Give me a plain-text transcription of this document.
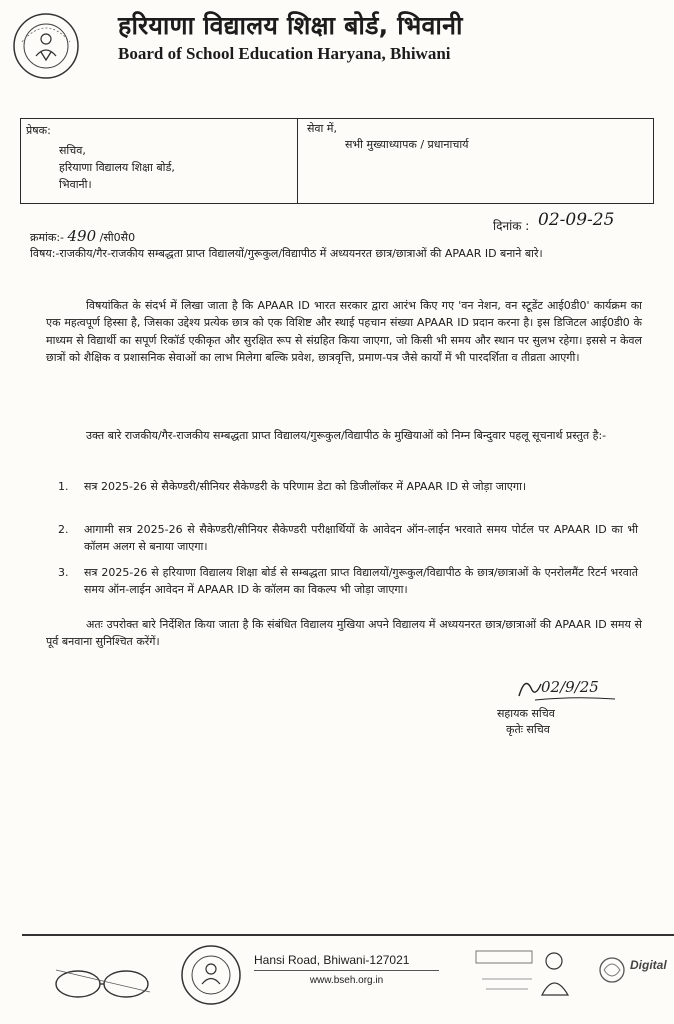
हरियाणा विद्यालय शिक्षा बोर्ड, भिवानी
Board of School Education Haryana, Bhiwani
प्रेषक:
सचिव,
हरियाणा विद्यालय शिक्षा बोर्ड,
भिवानी।
सेवा में,
सभी मुख्याध्यापक / प्रधानाचार्य
क्रमांक:- 490 /सी0सै0
दिनांक : 02-09-25
विषय:-राजकीय/गैर-राजकीय सम्बद्धता प्राप्त विद्यालयों/गुरूकुल/विद्यापीठ में अध्ययनरत छात्र/छात्राओं की APAAR ID बनाने बारे।
विषयांकित के संदर्भ में लिखा जाता है कि APAAR ID भारत सरकार द्वारा आरंभ किए गए 'वन नेशन, वन स्टूडेंट आई0डी0' कार्यक्रम का एक महत्वपूर्ण हिस्सा है, जिसका उद्देश्य प्रत्येक छात्र को एक विशिष्ट और स्थाई पहचान संख्या APAAR ID प्रदान करना है। इस डिजिटल आई0डी0 के माध्यम से विद्यार्थी का सपूर्ण रिकॉर्ड एकीकृत और सुरक्षित रूप से संग्रहित किया जाएगा, जो किसी भी समय और स्थान पर सुलभ रहेगा। इससे न केवल छात्रों को शैक्षिक व प्रशासनिक सेवाओं का लाभ मिलेगा बल्कि प्रवेश, छात्रवृत्ति, प्रमाण-पत्र जैसे कार्यों में भी पारदर्शिता व तीव्रता आएगी।
उक्त बारे राजकीय/गैर-राजकीय सम्बद्धता प्राप्त विद्यालय/गुरूकुल/विद्यापीठ के मुखियाओं को निम्न बिन्दुवार पहलू सूचनार्थ प्रस्तुत है:-
1. सत्र 2025-26 से सैकेण्डरी/सीनियर सैकेण्डरी के परिणाम डेटा को डिजीलॉकर में APAAR ID से जोड़ा जाएगा।
2. आगामी सत्र 2025-26 से सैकेण्डरी/सीनियर सैकेण्डरी परीक्षार्थियों के आवेदन ऑन-लाईन भरवाते समय पोर्टल पर APAAR ID का भी कॉलम अलग से बनाया जाएगा।
3. सत्र 2025-26 से हरियाणा विद्यालय शिक्षा बोर्ड से सम्बद्धता प्राप्त विद्यालयों/गुरूकुल/विद्यापीठ के छात्र/छात्राओं के एनरोलमैंट रिटर्न भरवाते समय ऑन-लाईन आवेदन में APAAR ID के कॉलम का विकल्प भी जोड़ा जाएगा।
अतः उपरोक्त बारे निर्देशित किया जाता है कि संबंधित विद्यालय मुखिया अपने विद्यालय में अध्ययनरत छात्र/छात्राओं की APAAR ID समय से पूर्व बनवाना सुनिश्चित करेंगें।
02/9/25
सहायक सचिव
कृतेः सचिव
Hansi Road, Bhiwani-127021
www.bseh.org.in
Digital
